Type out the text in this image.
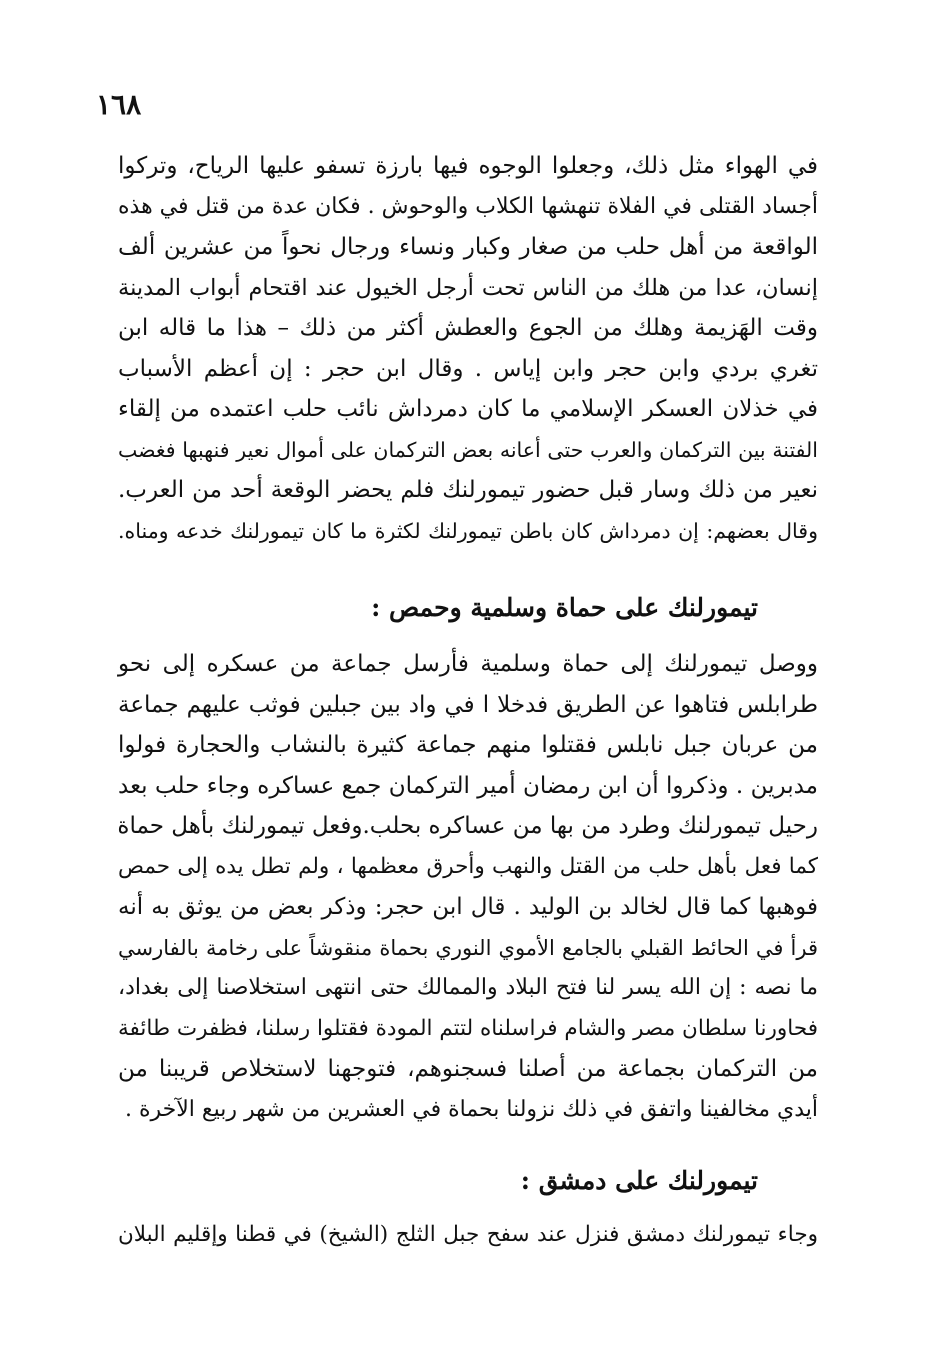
١٦٨
في الهواء مثل ذلك، وجعلوا الوجوه فيها بارزة تسفو عليها الرياح، وتركوا
أجساد القتلى في الفلاة تنهشها الكلاب والوحوش . فكان عدة من قتل في هذه
الواقعة من أهل حلب من صغار وكبار ونساء ورجال نحواً من عشرين ألف
إنسان، عدا من هلك من الناس تحت أرجل الخيول عند اقتحام أبواب المدينة
وقت الهَزيمة وهلك من الجوع والعطش أكثر من ذلك – هذا ما قاله ابن
تغري بردي وابن حجر وابن إياس . وقال ابن حجر : إن أعظم الأسباب
في خذلان العسكر الإسلامي ما كان دمرداش نائب حلب اعتمده من إلقاء
الفتنة بين التركمان والعرب حتى أعانه بعض التركمان على أموال نعير فنهبها فغضب
نعير من ذلك وسار قبل حضور تيمورلنك فلم يحضر الوقعة أحد من العرب.
وقال بعضهم: إن دمرداش كان باطن تيمورلنك لكثرة ما كان تيمورلنك خدعه ومناه.
تيمورلنك على حماة وسلمية وحمص :
ووصل تيمورلنك إلى حماة وسلمية فأرسل جماعة من عسكره إلى نحو
طرابلس فتاهوا عن الطريق فدخلا ا في واد بين جبلين فوثب عليهم جماعة
من عربان جبل نابلس فقتلوا منهم جماعة كثيرة بالنشاب والحجارة فولوا
مدبرين . وذكروا أن ابن رمضان أمير التركمان جمع عساكره وجاء حلب بعد
رحيل تيمورلنك وطرد من بها من عساكره بحلب.وفعل تيمورلنك بأهل حماة
كما فعل بأهل حلب من القتل والنهب وأحرق معظمها ، ولم تطل يده إلى حمص
فوهبها كما قال لخالد بن الوليد . قال ابن حجر: وذكر بعض من يوثق به أنه
قرأ في الحائط القبلي بالجامع الأموي النوري بحماة منقوشاً على رخامة بالفارسي
ما نصه : إن الله يسر لنا فتح البلاد والممالك حتى انتهى استخلاصنا إلى بغداد،
فحاورنا سلطان مصر والشام فراسلناه لتتم المودة فقتلوا رسلنا، فظفرت طائفة
من التركمان بجماعة من أصلنا فسجنوهم، فتوجهنا لاستخلاص قريبنا من
أيدي مخالفينا واتفق في ذلك نزولنا بحماة في العشرين من شهر ربيع الآخرة .
تيمورلنك على دمشق :
وجاء تيمورلنك دمشق فنزل عند سفح جبل الثلج (الشيخ) في قطنا وإقليم البلان
